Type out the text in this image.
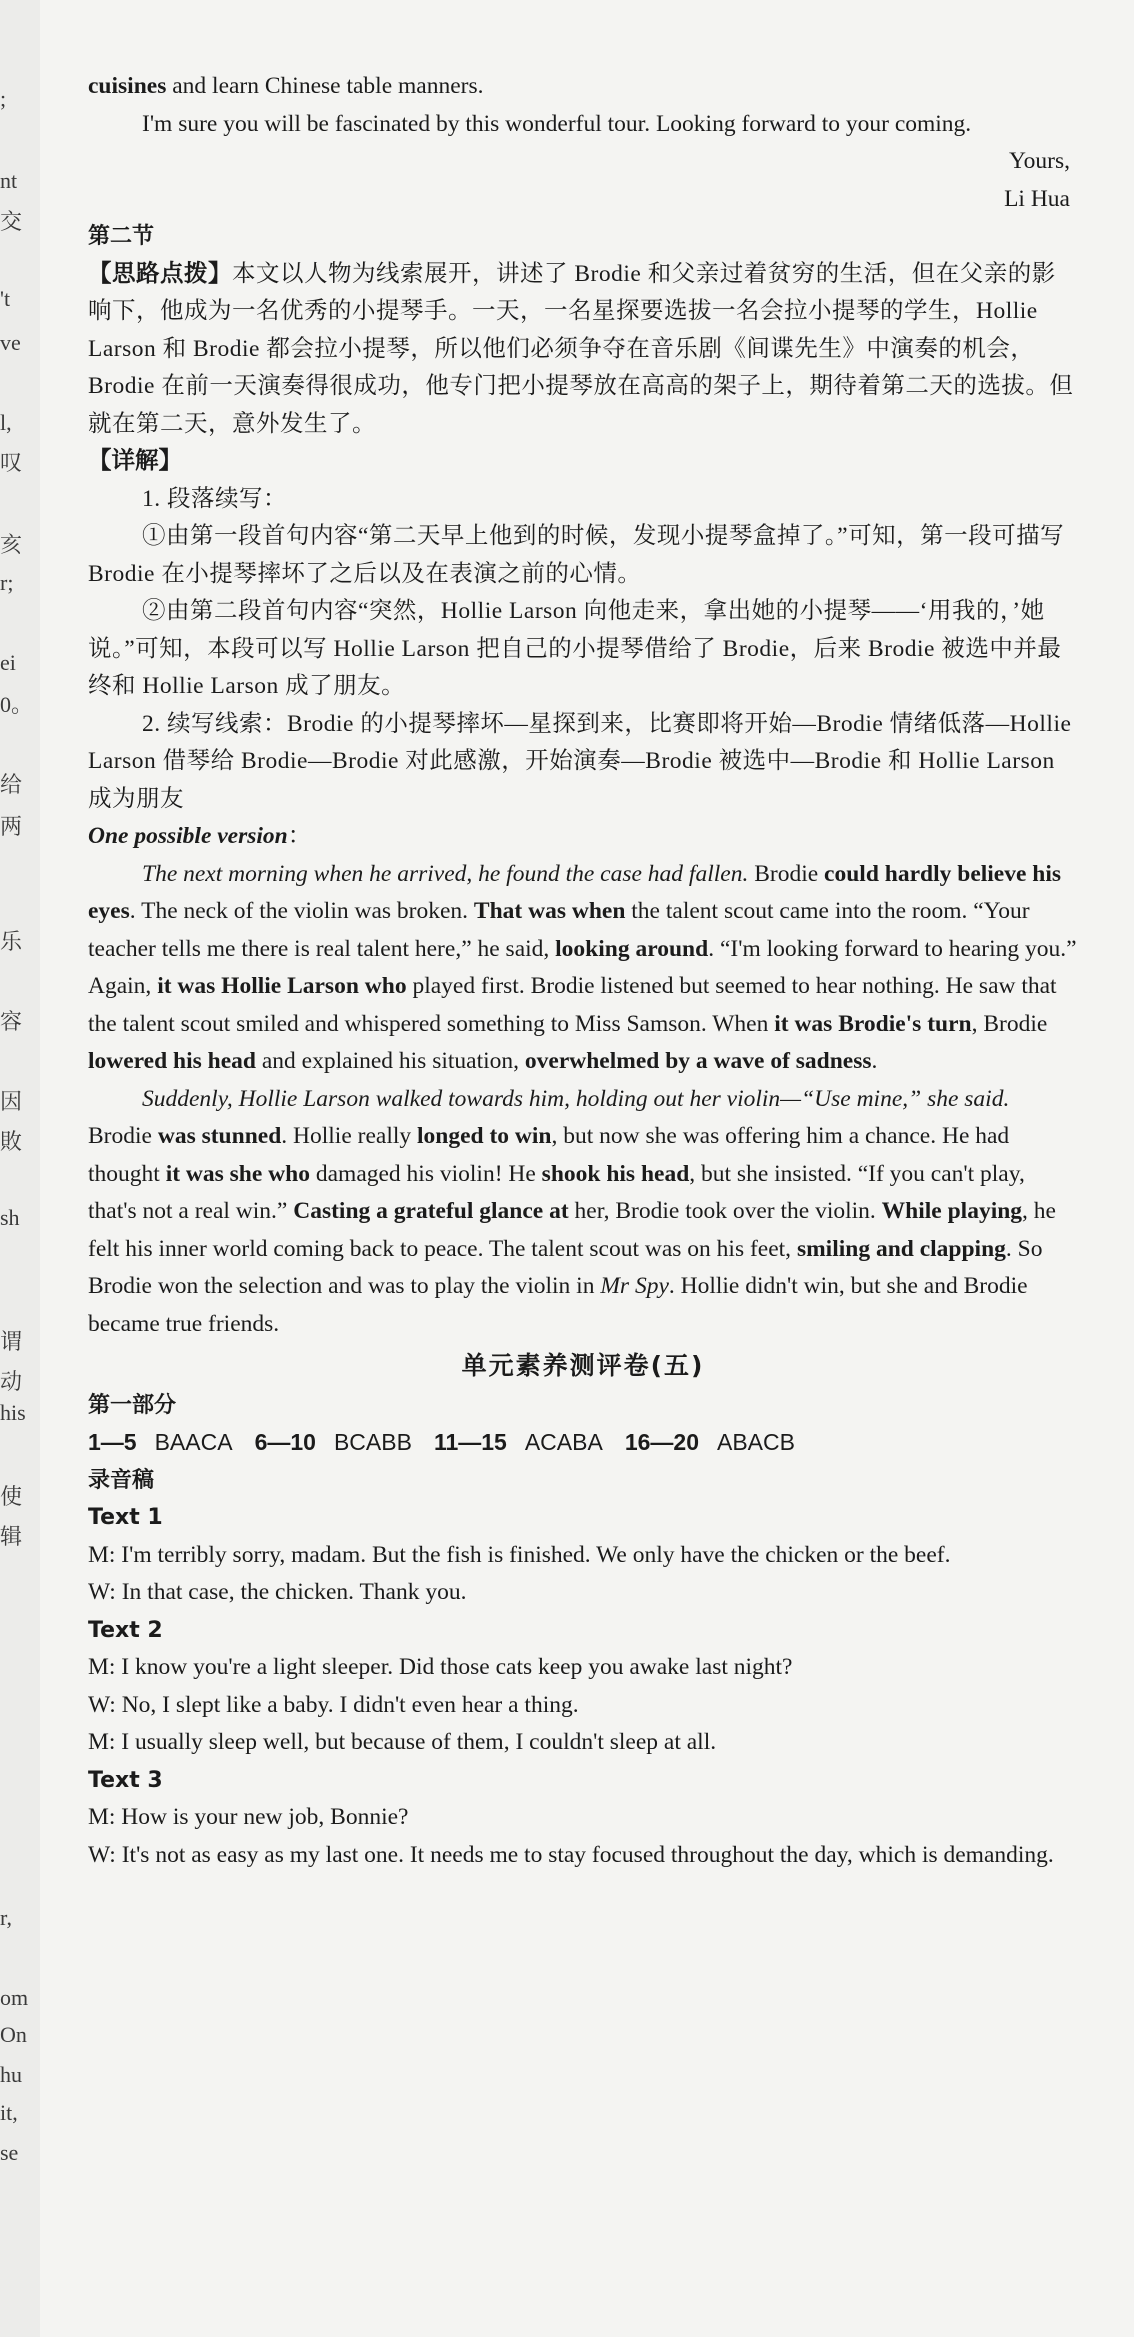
;
nt
交
't
ve
l,
叹
亥
r;
ei
0。
给
两
乐
容
因
敗
sh
谓
动
his
使
辑
r,
om
On
hu
it,
se

cuisines and learn Chinese table manners.

I'm sure you will be fascinated by this wonderful tour. Looking forward to your coming.

Yours,

Li Hua

第二节

【思路点拨】本文以人物为线索展开，讲述了 Brodie 和父亲过着贫穷的生活，但在父亲的影响下，他成为一名优秀的小提琴手。一天，一名星探要选拔一名会拉小提琴的学生，Hollie Larson 和 Brodie 都会拉小提琴，所以他们必须争夺在音乐剧《间谍先生》中演奏的机会，Brodie 在前一天演奏得很成功，他专门把小提琴放在高高的架子上，期待着第二天的选拔。但就在第二天，意外发生了。

【详解】

1. 段落续写：

①由第一段首句内容“第二天早上他到的时候，发现小提琴盒掉了。”可知，第一段可描写 Brodie 在小提琴摔坏了之后以及在表演之前的心情。

②由第二段首句内容“突然，Hollie Larson 向他走来，拿出她的小提琴——‘用我的，’她说。”可知，本段可以写 Hollie Larson 把自己的小提琴借给了 Brodie，后来 Brodie 被选中并最终和 Hollie Larson 成了朋友。

2. 续写线索：Brodie 的小提琴摔坏—星探到来，比赛即将开始—Brodie 情绪低落—Hollie Larson 借琴给 Brodie—Brodie 对此感激，开始演奏—Brodie 被选中—Brodie 和 Hollie Larson 成为朋友

One possible version：

The next morning when he arrived, he found the case had fallen. Brodie could hardly believe his eyes. The neck of the violin was broken. That was when the talent scout came into the room. “Your teacher tells me there is real talent here,” he said, looking around. “I'm looking forward to hearing you.” Again, it was Hollie Larson who played first. Brodie listened but seemed to hear nothing. He saw that the talent scout smiled and whispered something to Miss Samson. When it was Brodie's turn, Brodie lowered his head and explained his situation, overwhelmed by a wave of sadness.

Suddenly, Hollie Larson walked towards him, holding out her violin—“Use mine,” she said. Brodie was stunned. Hollie really longed to win, but now she was offering him a chance. He had thought it was she who damaged his violin! He shook his head, but she insisted. “If you can't play, that's not a real win.” Casting a grateful glance at her, Brodie took over the violin. While playing, he felt his inner world coming back to peace. The talent scout was on his feet, smiling and clapping. So Brodie won the selection and was to play the violin in Mr Spy. Hollie didn't win, but she and Brodie became true friends.

单元素养测评卷(五)

第一部分

1—5 BAACA 6—10 BCABB 11—15 ACABA 16—20 ABACB

录音稿

Text 1

M: I'm terribly sorry, madam. But the fish is finished. We only have the chicken or the beef.

W: In that case, the chicken. Thank you.

Text 2

M: I know you're a light sleeper. Did those cats keep you awake last night?

W: No, I slept like a baby. I didn't even hear a thing.

M: I usually sleep well, but because of them, I couldn't sleep at all.

Text 3

M: How is your new job, Bonnie?

W: It's not as easy as my last one. It needs me to stay focused throughout the day, which is demanding.
